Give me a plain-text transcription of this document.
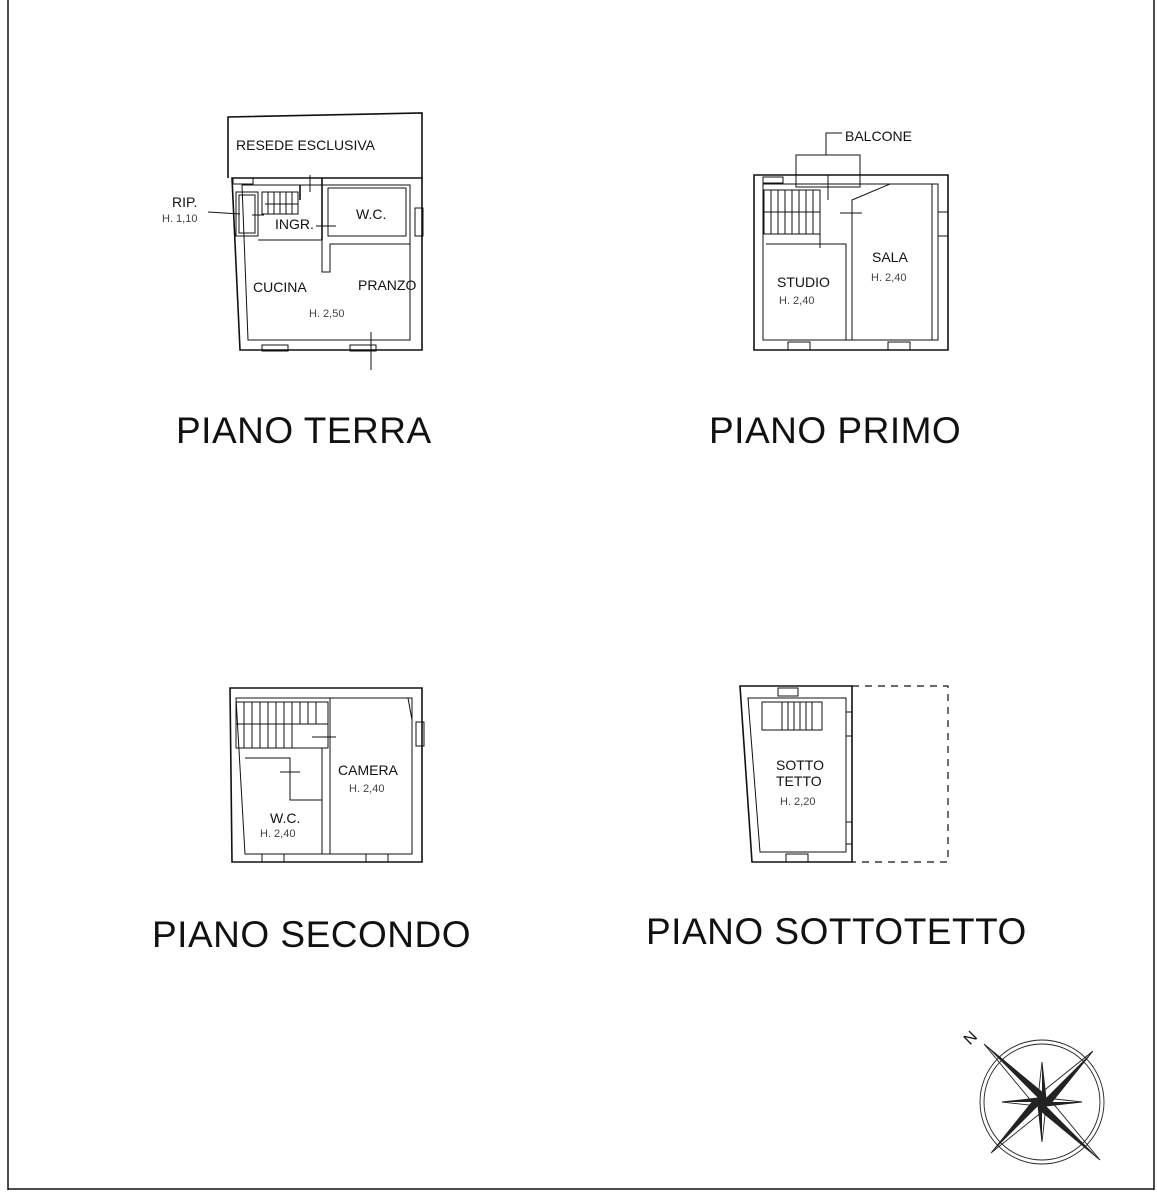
RESEDE ESCLUSIVA
RIP.
H. 1,10	INGR.
W.C.
CUCINA	PRANZO
H. 2,50
PIANO TERRA
BALCONE
STUDIO
H. 2,40
SALA
H. 2,40
PIANO PRIMO
CAMERA
H. 2,40
W.C.
H. 2,40
PIANO SECONDO
SOTTO
TETTO
H. 2,20
PIANO SOTTOTETTO
N
